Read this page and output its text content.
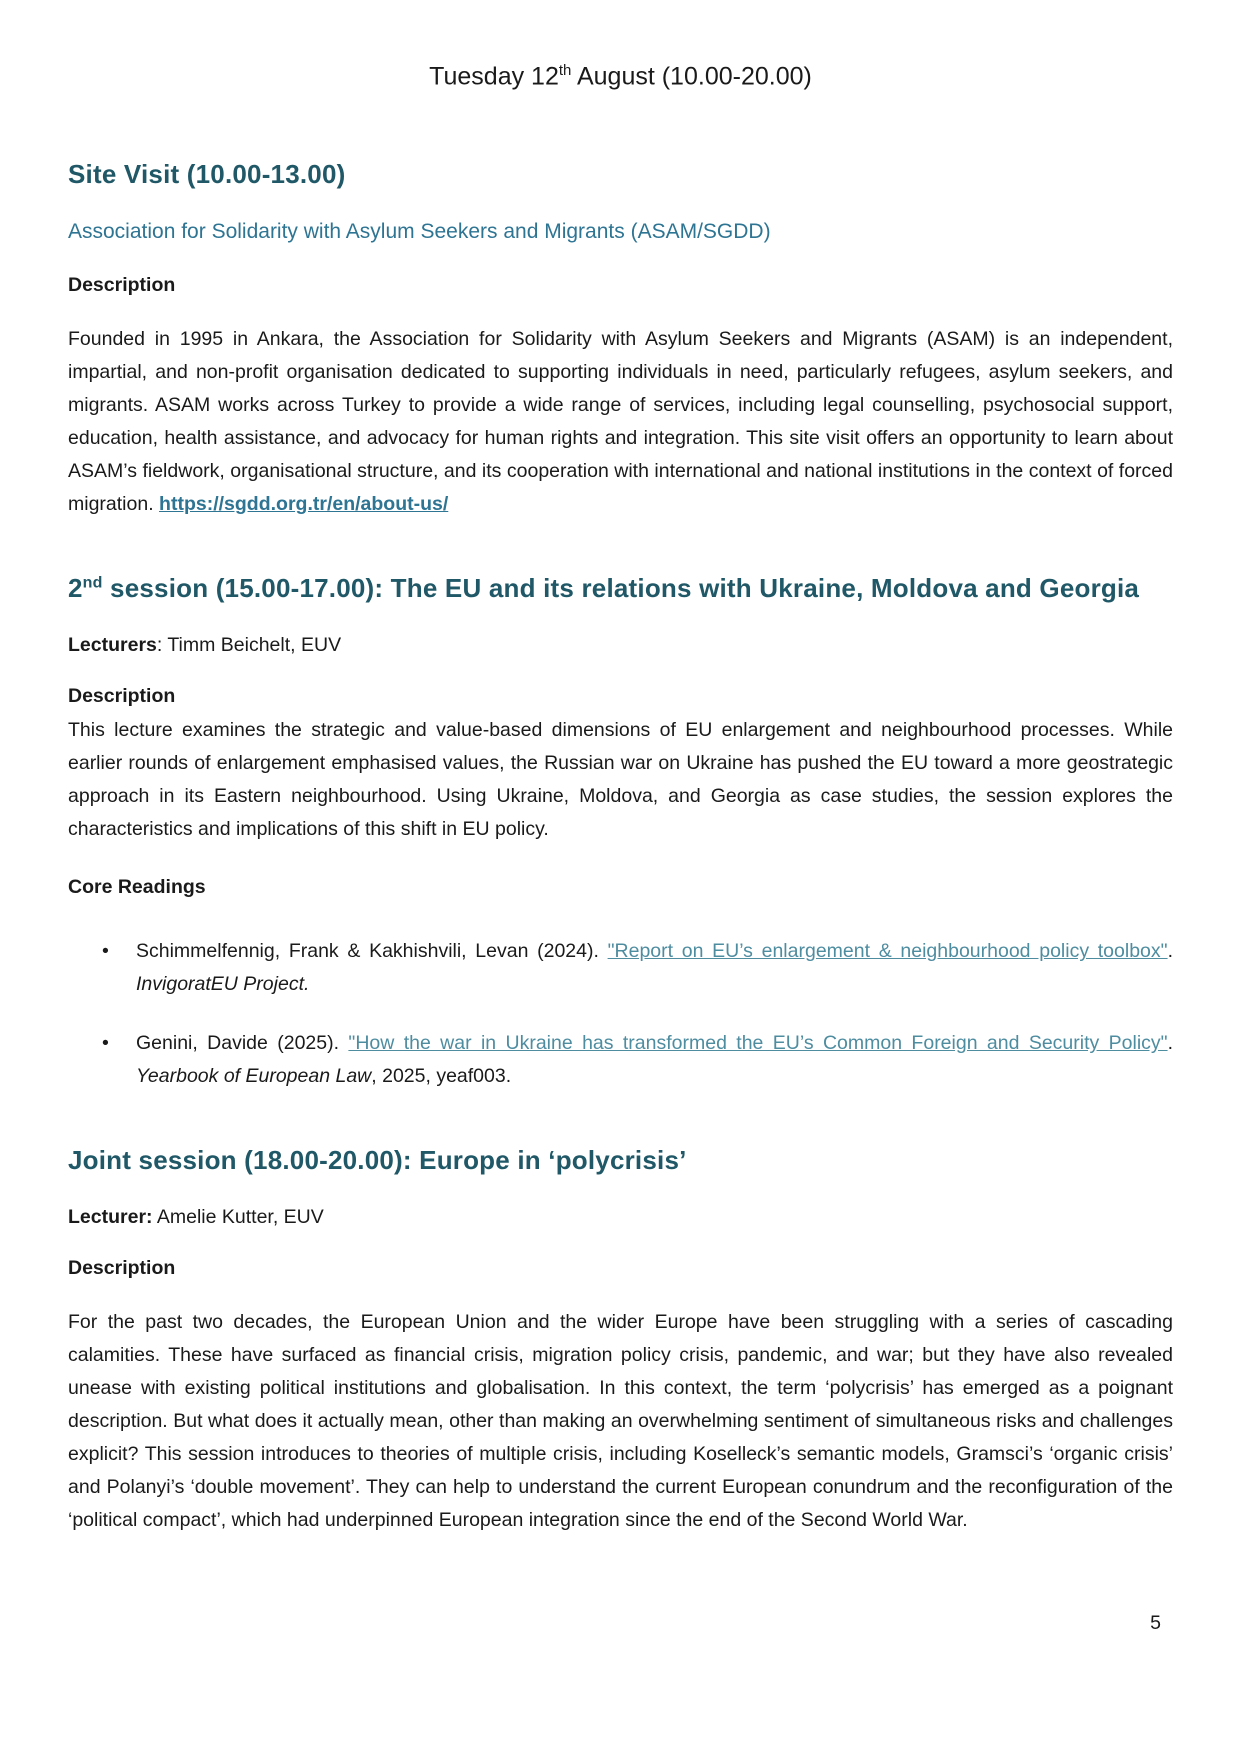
Tuesday 12th August (10.00-20.00)
Site Visit (10.00-13.00)
Association for Solidarity with Asylum Seekers and Migrants (ASAM/SGDD)
Description

Founded in 1995 in Ankara, the Association for Solidarity with Asylum Seekers and Migrants (ASAM) is an independent, impartial, and non-profit organisation dedicated to supporting individuals in need, particularly refugees, asylum seekers, and migrants. ASAM works across Turkey to provide a wide range of services, including legal counselling, psychosocial support, education, health assistance, and advocacy for human rights and integration. This site visit offers an opportunity to learn about ASAM’s fieldwork, organisational structure, and its cooperation with international and national institutions in the context of forced migration. https://sgdd.org.tr/en/about-us/

2nd session (15.00-17.00): The EU and its relations with Ukraine, Moldova and Georgia
Lecturers: Timm Beichelt, EUV
Description

This lecture examines the strategic and value-based dimensions of EU enlargement and neighbourhood processes. While earlier rounds of enlargement emphasised values, the Russian war on Ukraine has pushed the EU toward a more geostrategic approach in its Eastern neighbourhood. Using Ukraine, Moldova, and Georgia as case studies, the session explores the characteristics and implications of this shift in EU policy.

Core Readings
• Schimmelfennig, Frank & Kakhishvili, Levan (2024). "Report on EU’s enlargement & neighbourhood policy toolbox". InvigoratEU Project.
• Genini, Davide (2025). "How the war in Ukraine has transformed the EU’s Common Foreign and Security Policy". Yearbook of European Law, 2025, yeaf003.
Joint session (18.00-20.00): Europe in ‘polycrisis’
Lecturer: Amelie Kutter, EUV
Description

For the past two decades, the European Union and the wider Europe have been struggling with a series of cascading calamities. These have surfaced as financial crisis, migration policy crisis, pandemic, and war; but they have also revealed unease with existing political institutions and globalisation. In this context, the term ‘polycrisis’ has emerged as a poignant description. But what does it actually mean, other than making an overwhelming sentiment of simultaneous risks and challenges explicit? This session introduces to theories of multiple crisis, including Koselleck’s semantic models, Gramsci’s ‘organic crisis’ and Polanyi’s ‘double movement’. They can help to understand the current European conundrum and the reconfiguration of the ‘political compact’, which had underpinned European integration since the end of the Second World War.

5
